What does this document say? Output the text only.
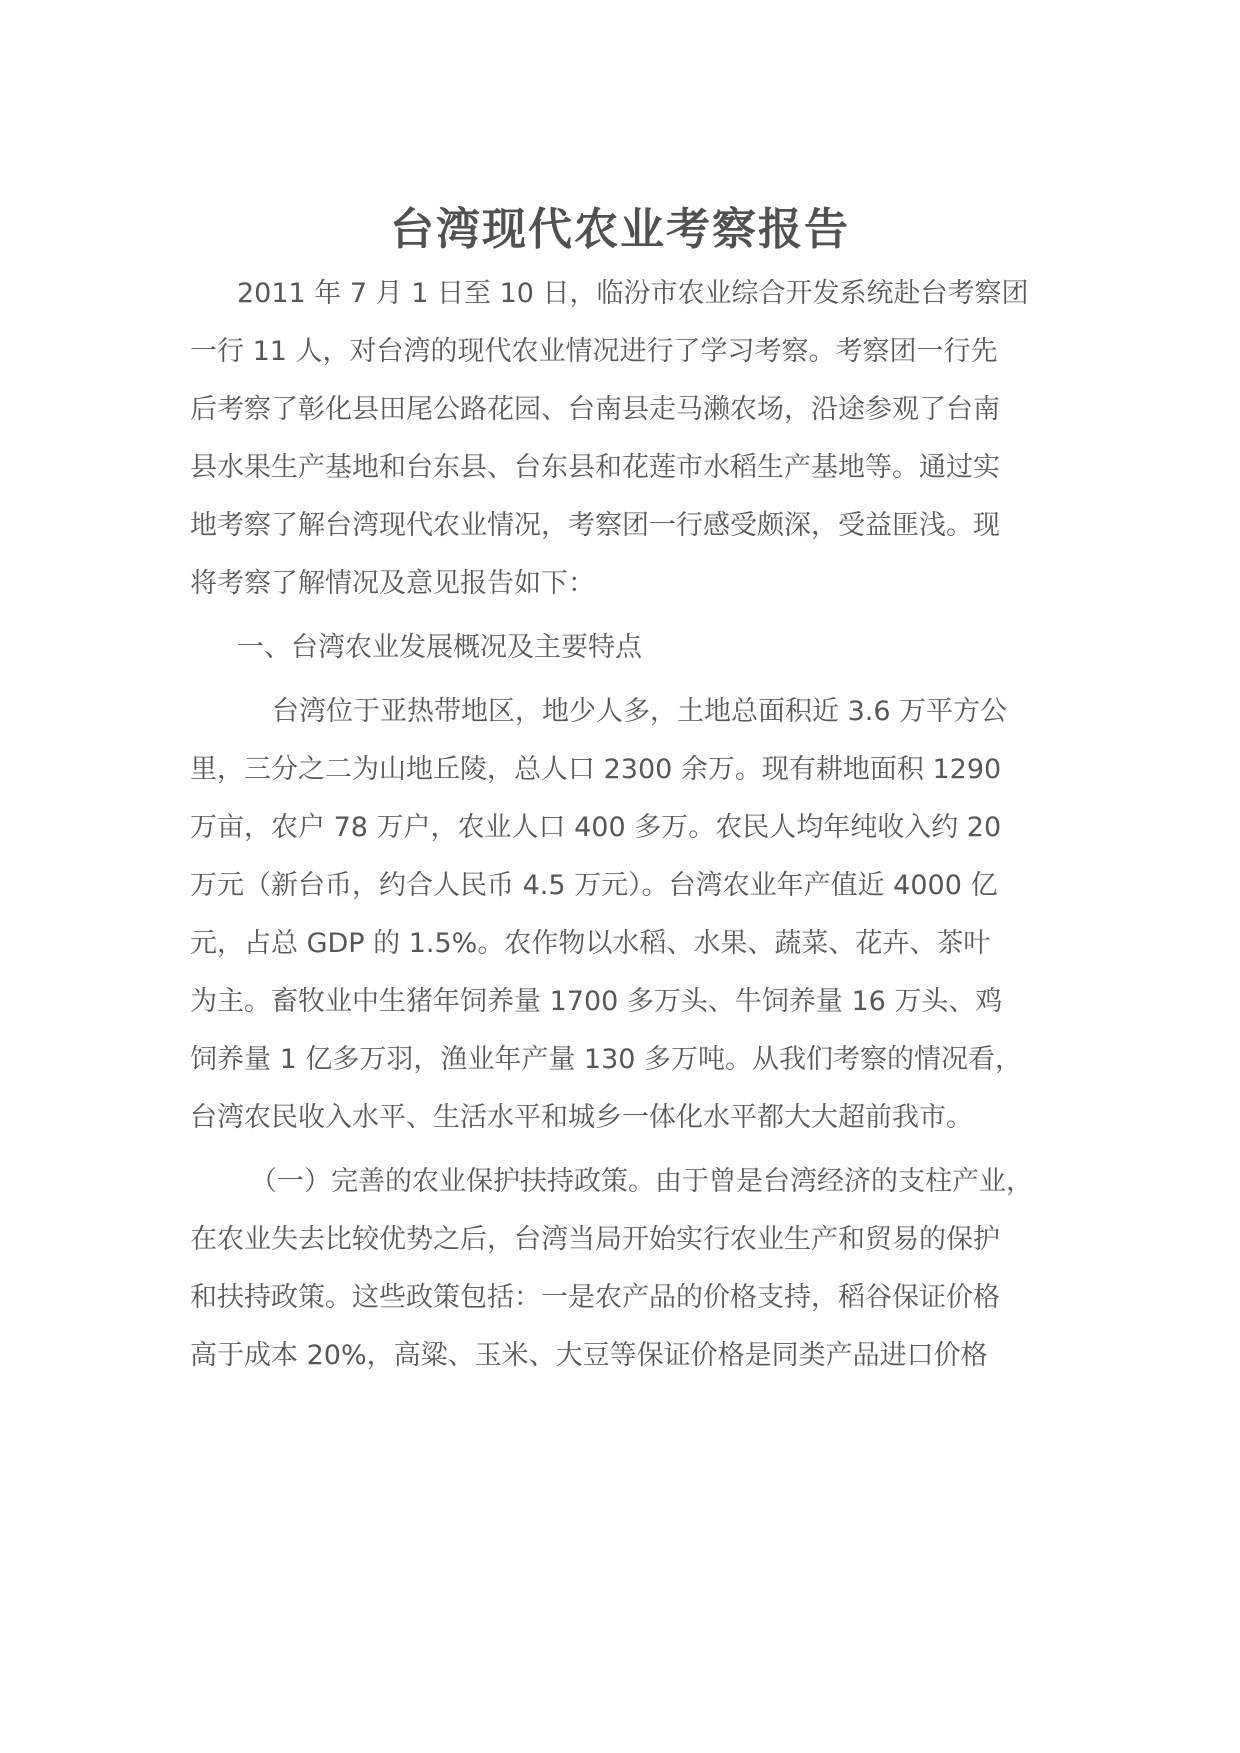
台湾现代农业考察报告
2011 年 7 月 1 日至 10 日，临汾市农业综合开发系统赴台考察团
一行 11 人，对台湾的现代农业情况进行了学习考察。考察团一行先
后考察了彰化县田尾公路花园、台南县走马濑农场，沿途参观了台南
县水果生产基地和台东县、台东县和花莲市水稻生产基地等。通过实
地考察了解台湾现代农业情况，考察团一行感受颇深，受益匪浅。现
将考察了解情况及意见报告如下：
一、台湾农业发展概况及主要特点
台湾位于亚热带地区，地少人多，土地总面积近 3.6 万平方公
里，三分之二为山地丘陵，总人口 2300 余万。现有耕地面积 1290
万亩，农户 78 万户，农业人口 400 多万。农民人均年纯收入约 20
万元（新台币，约合人民币 4.5 万元）。台湾农业年产值近 4000 亿
元，占总 GDP 的 1.5%。农作物以水稻、水果、蔬菜、花卉、茶叶
为主。畜牧业中生猪年饲养量 1700 多万头、牛饲养量 16 万头、鸡
饲养量 1 亿多万羽，渔业年产量 130 多万吨。从我们考察的情况看，
台湾农民收入水平、生活水平和城乡一体化水平都大大超前我市。
（一）完善的农业保护扶持政策。由于曾是台湾经济的支柱产业，
在农业失去比较优势之后，台湾当局开始实行农业生产和贸易的保护
和扶持政策。这些政策包括：一是农产品的价格支持，稻谷保证价格
高于成本 20%，高粱、玉米、大豆等保证价格是同类产品进口价格
